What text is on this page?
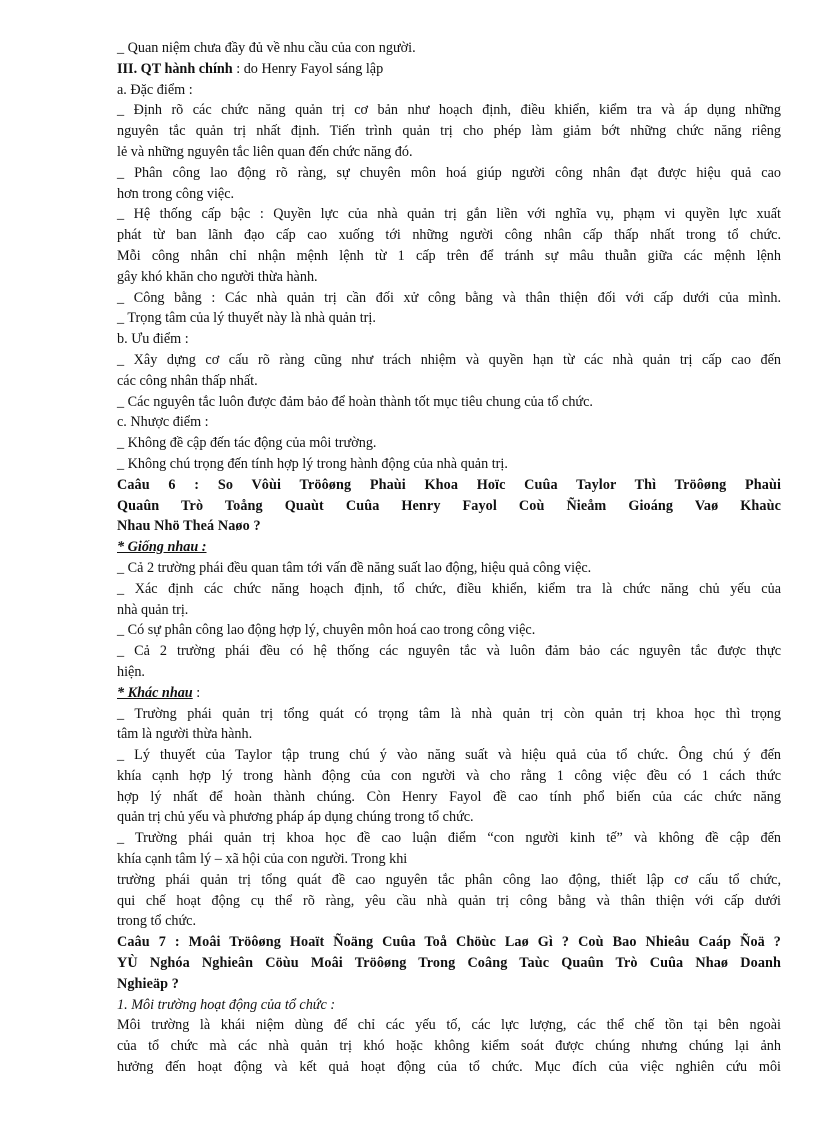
_ Quan niệm chưa đầy đủ về nhu cầu của con người.
III. QT hành chính : do Henry Fayol sáng lập
a. Đặc điểm :
_ Định rõ các chức năng quản trị cơ bản như hoạch định, điều khiển, kiểm tra và áp dụng những
nguyên tắc quản trị nhất định. Tiến trình quản trị cho phép làm giảm bớt những chức năng riêng
lẻ và những nguyên tắc liên quan đến chức năng đó.
_ Phân công lao động rõ ràng, sự chuyên môn hoá giúp người công nhân đạt được hiệu quả cao
hơn trong công việc.
_ Hệ thống cấp bậc : Quyền lực của nhà quản trị gắn liền với nghĩa vụ, phạm vi quyền lực xuất
phát từ ban lãnh đạo cấp cao xuống tới những người công nhân cấp thấp nhất trong tổ chức.
Mỗi công nhân chỉ nhận mệnh lệnh từ 1 cấp trên để tránh sự mâu thuẫn giữa các mệnh lệnh
gây khó khăn cho người thừa hành.
_ Công bằng : Các nhà quản trị cần đối xử công bằng và thân thiện đối với cấp dưới của mình.
_ Trọng tâm của lý thuyết này là nhà quản trị.
b. Ưu điểm :
_ Xây dựng cơ cấu rõ ràng cũng như trách nhiệm và quyền hạn từ các nhà quản trị cấp cao đến
các công nhân thấp nhất.
_ Các nguyên tắc luôn được đảm bảo để hoàn thành tốt mục tiêu chung của tổ chức.
c. Nhược điểm :
_ Không đề cập đến tác động của môi trường.
_ Không chú trọng đến tính hợp lý trong hành động của nhà quản trị.
Caâu 6 : So Vôùi Tröôøng Phaùi Khoa Hoïc Cuûa Taylor Thì Tröôøng Phaùi
Quaûn Trò Toång Quaùt Cuûa Henry Fayol Coù Ñieåm Gioáng Vaø Khaùc
Nhau Nhö Theá Naøo ?
* Giống nhau :
_ Cả 2 trường phái đều quan tâm tới vấn đề năng suất lao động, hiệu quả công việc.
_ Xác định các chức năng hoạch định, tổ chức, điều khiển, kiểm tra là chức năng chủ yếu của
nhà quản trị.
_ Có sự phân công lao động hợp lý, chuyên môn hoá cao trong công việc.
_ Cả 2 trường phái đều có hệ thống các nguyên tắc và luôn đảm bảo các nguyên tắc được thực
hiện.
* Khác nhau :
_ Trường phái quản trị tổng quát có trọng tâm là nhà quản trị còn quản trị khoa học thì trọng
tâm là người thừa hành.
_ Lý thuyết của Taylor tập trung chú ý vào năng suất và hiệu quả của tổ chức. Ông chú ý đến
khía cạnh hợp lý trong hành động của con người và cho rằng 1 công việc đều có 1 cách thức
hợp lý nhất để hoàn thành chúng. Còn Henry Fayol đề cao tính phổ biến của các chức năng
quản trị chủ yếu và phương pháp áp dụng chúng trong tổ chức.
_ Trường phái quản trị khoa học đề cao luận điểm “con người kinh tế” và không đề cập đến
khía cạnh tâm lý – xã hội của con người. Trong khi
trường phái quản trị tổng quát đề cao nguyên tắc phân công lao động, thiết lập cơ cấu tổ chức,
qui chế hoạt động cụ thể rõ ràng, yêu cầu nhà quản trị công bằng và thân thiện với cấp dưới
trong tổ chức.
Caâu 7 : Moâi Tröôøng Hoaït Ñoäng Cuûa Toå Chöùc Laø Gì ? Coù Bao Nhieâu Caáp Ñoä ?
YÙ Nghóa Nghieân Cöùu Moâi Tröôøng Trong Coâng Taùc Quaûn Trò Cuûa Nhaø Doanh
Nghieäp ?
1. Môi trường hoạt động của tổ chức :
Môi trường là khái niệm dùng để chỉ các yếu tố, các lực lượng, các thể chế tồn tại bên ngoài
của tổ chức mà các nhà quản trị khó hoặc không kiểm soát được chúng nhưng chúng lại ảnh
hưởng đến hoạt động và kết quả hoạt động của tổ chức. Mục đích của việc nghiên cứu môi
